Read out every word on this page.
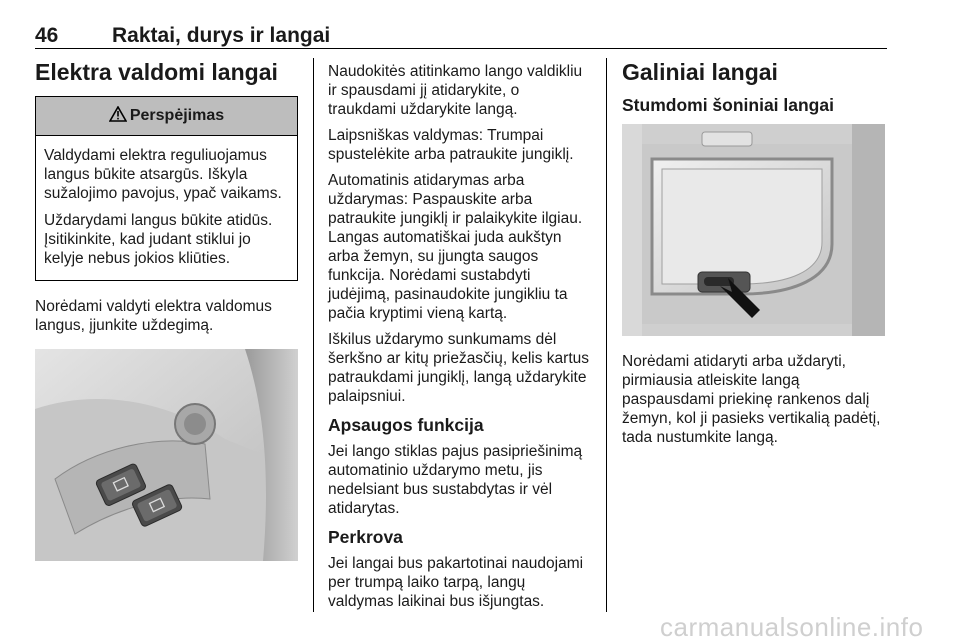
46	Raktai, durys ir langai
Elektra valdomi langai
Perspėjimas

Valdydami elektra reguliuojamus langus būkite atsargūs. Iškyla sužalojimo pavojus, ypač vaikams.

Uždarydami langus būkite atidūs. Įsitikinkite, kad judant stiklui jo kelyje nebus jokios kliūties.

Norėdami valdyti elektra valdomus langus, įjunkite uždegimą.

Naudokitės atitinkamo lango valdikliu ir spausdami jį atidarykite, o traukdami uždarykite langą.

Laipsniškas valdymas: Trumpai spustelėkite arba patraukite jungiklį.

Automatinis atidarymas arba uždarymas: Paspauskite arba patraukite jungiklį ir palaikykite ilgiau. Langas automatiškai juda aukštyn arba žemyn, su įjungta saugos funkcija. Norėdami sustabdyti judėjimą, pasinaudokite jungikliu ta pačia kryptimi vieną kartą.

Iškilus uždarymo sunkumams dėl šerkšno ar kitų priežasčių, kelis kartus patraukdami jungiklį, langą uždarykite palaipsniui.

Apsaugos funkcija

Jei lango stiklas pajus pasipriešinimą automatinio uždarymo metu, jis nedelsiant bus sustabdytas ir vėl atidarytas.

Perkrova

Jei langai bus pakartotinai naudojami per trumpą laiko tarpą, langų valdymas laikinai bus išjungtas.

Galiniai langai
Stumdomi šoniniai langai

Norėdami atidaryti arba uždaryti, pirmiausia atleiskite langą paspausdami priekinę rankenos dalį žemyn, kol ji pasieks vertikalią padėtį, tada nustumkite langą.

carmanualsonline.info
